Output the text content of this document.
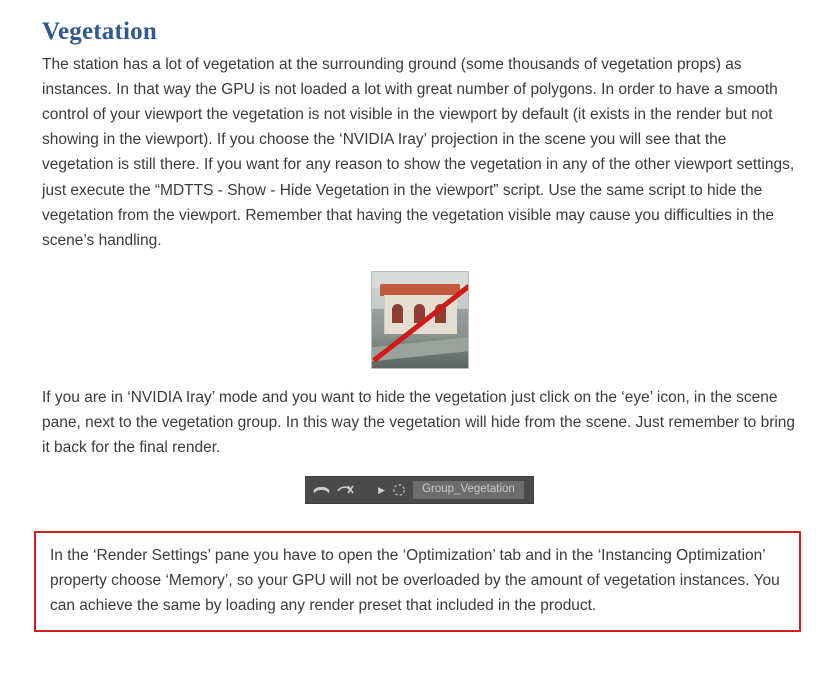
Vegetation

The station has a lot of vegetation at the surrounding ground (some thousands of vegetation props) as instances. In that way the GPU is not loaded a lot with great number of polygons. In order to have a smooth control of your viewport the vegetation is not visible in the viewport by default (it exists in the render but not showing in the viewport). If you choose the ‘NVIDIA Iray’ projection in the scene you will see that the vegetation is still there. If you want for any reason to show the vegetation in any of the other viewport settings, just execute the “MDTTS - Show - Hide Vegetation in the viewport” script. Use the same script to hide the vegetation from the viewport. Remember that having the vegetation visible may cause you difficulties in the scene’s handling.

If you are in ‘NVIDIA Iray’ mode and you want to hide the vegetation just click on the ‘eye’ icon, in the scene pane, next to the vegetation group. In this way the vegetation will hide from the scene. Just remember to bring it back for the final render.

▶	Group_Vegetation

In the ‘Render Settings’ pane you have to open the ‘Optimization’ tab and in the ‘Instancing Optimization’ property choose ‘Memory’, so your GPU will not be overloaded by the amount of vegetation instances. You can achieve the same by loading any render preset that included in the product.
